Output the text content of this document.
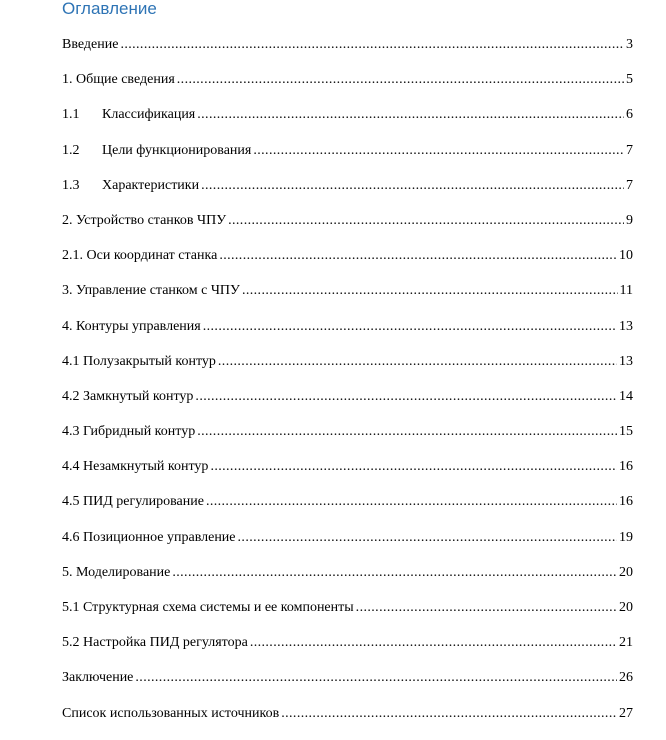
Оглавление
Введение .....	3
1. Общие сведения .....	5
1.1	Классификация .....	6
1.2	Цели функционирования .....	7
1.3	Характеристики .....	7
2. Устройство станков ЧПУ .....	9
2.1. Оси координат станка .....	10
3. Управление станком с ЧПУ .....	11
4. Контуры управления .....	13
4.1 Полузакрытый контур .....	13
4.2 Замкнутый контур .....	14
4.3 Гибридный контур .....	15
4.4 Незамкнутый контур .....	16
4.5 ПИД регулирование .....	16
4.6 Позиционное управление .....	19
5. Моделирование .....	20
5.1 Структурная схема системы и ее компоненты .....	20
5.2 Настройка ПИД регулятора .....	21
Заключение .....	26
Список использованных источников .....	27
